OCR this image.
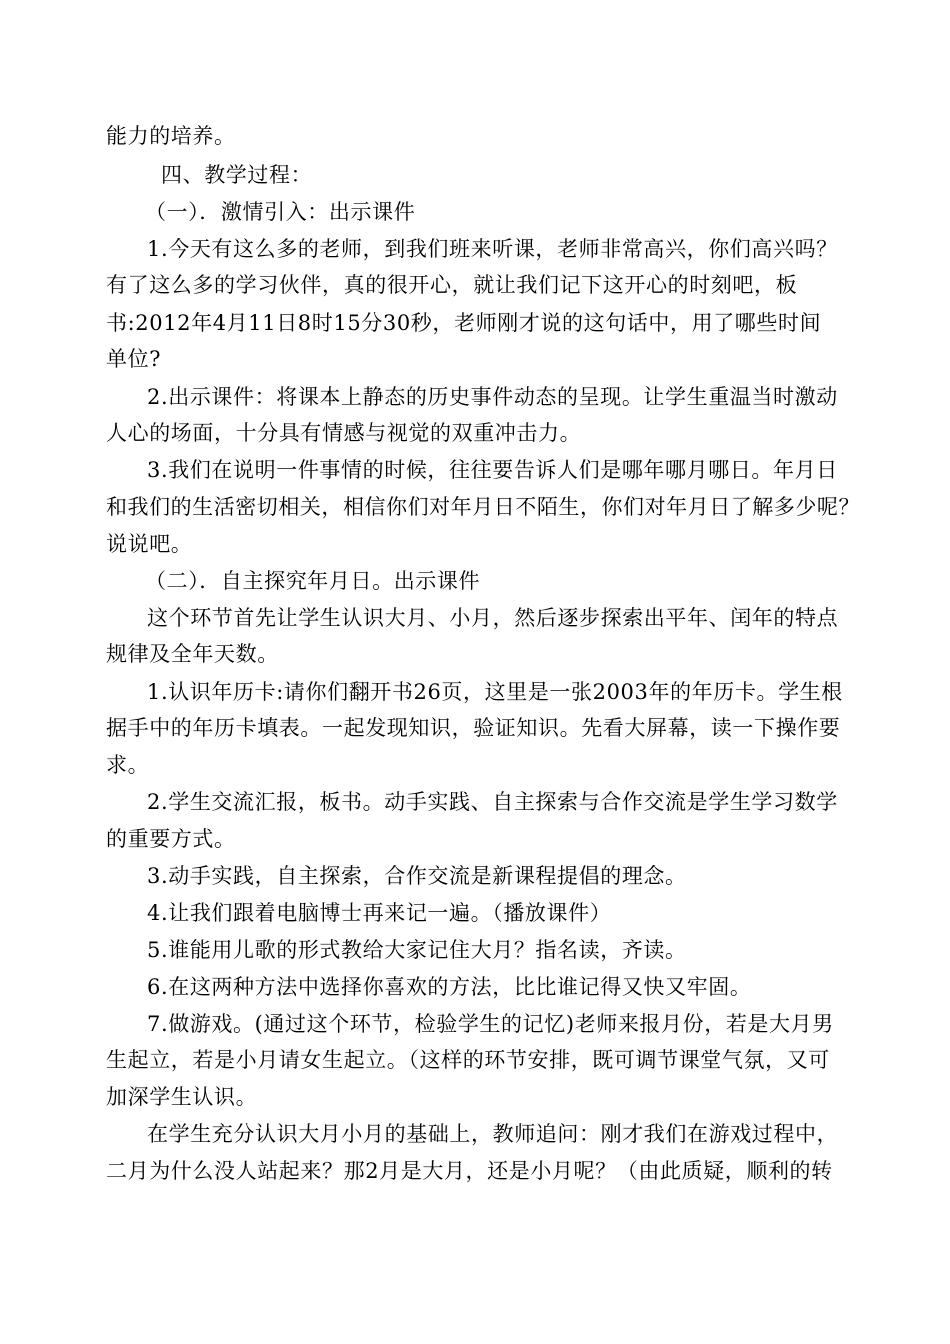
能力的培养。
四、教学过程：
（一）．激情引入：出示课件
1.今天有这么多的老师，到我们班来听课，老师非常高兴，你们高兴吗？
有了这么多的学习伙伴，真的很开心，就让我们记下这开心的时刻吧，板
书:2012年4月11日8时15分30秒，老师刚才说的这句话中，用了哪些时间
单位?
2.出示课件：将课本上静态的历史事件动态的呈现。让学生重温当时激动
人心的场面，十分具有情感与视觉的双重冲击力。
3.我们在说明一件事情的时候，往往要告诉人们是哪年哪月哪日。年月日
和我们的生活密切相关，相信你们对年月日不陌生，你们对年月日了解多少呢？
说说吧。
（二）．自主探究年月日。出示课件
这个环节首先让学生认识大月、小月，然后逐步探索出平年、闰年的特点
规律及全年天数。
1.认识年历卡:请你们翻开书26页，这里是一张2003年的年历卡。学生根
据手中的年历卡填表。一起发现知识，验证知识。先看大屏幕，读一下操作要
求。
2.学生交流汇报，板书。动手实践、自主探索与合作交流是学生学习数学
的重要方式。
3.动手实践，自主探索，合作交流是新课程提倡的理念。
4.让我们跟着电脑博士再来记一遍。（播放课件）
5.谁能用儿歌的形式教给大家记住大月？指名读，齐读。
6.在这两种方法中选择你喜欢的方法，比比谁记得又快又牢固。
7.做游戏。(通过这个环节，检验学生的记忆)老师来报月份，若是大月男
生起立，若是小月请女生起立。（这样的环节安排，既可调节课堂气氛，又可
加深学生认识。
在学生充分认识大月小月的基础上，教师追问：刚才我们在游戏过程中，
二月为什么没人站起来？那2月是大月，还是小月呢？（由此质疑，顺利的转
